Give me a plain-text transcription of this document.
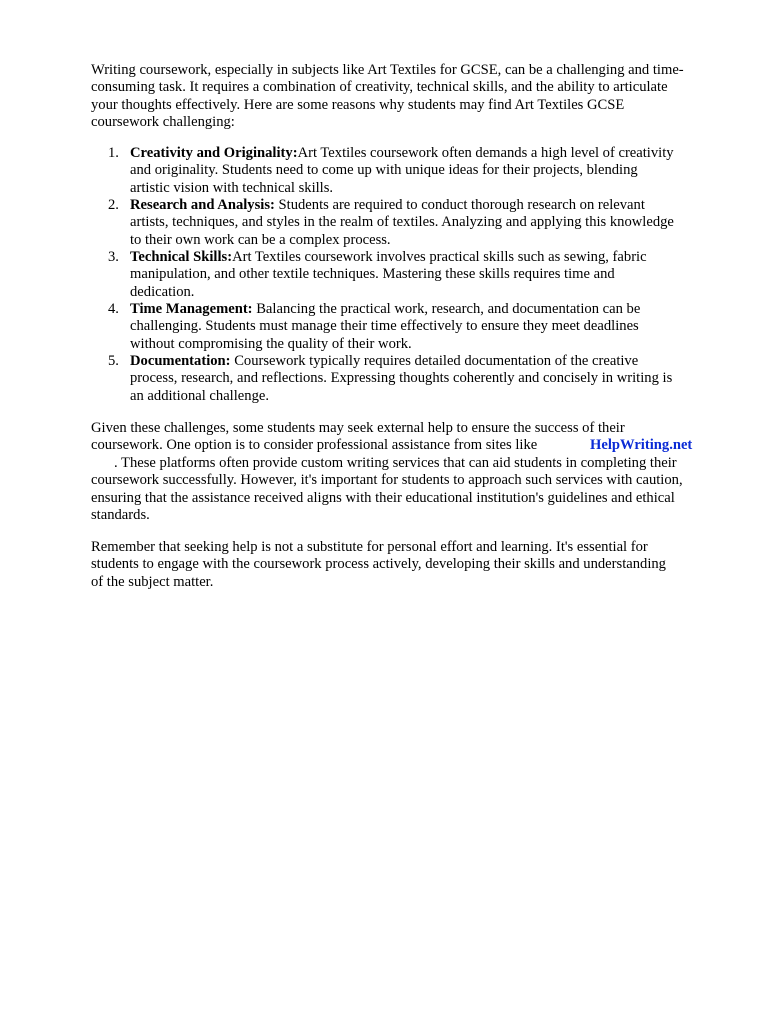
Writing coursework, especially in subjects like Art Textiles for GCSE, can be a challenging and time-
consuming task. It requires a combination of creativity, technical skills, and the ability to articulate
your thoughts effectively. Here are some reasons why students may find Art Textiles GCSE
coursework challenging:
1. Creativity and Originality:Art Textiles coursework often demands a high level of creativity
and originality. Students need to come up with unique ideas for their projects, blending
artistic vision with technical skills.
2. Research and Analysis: Students are required to conduct thorough research on relevant
artists, techniques, and styles in the realm of textiles. Analyzing and applying this knowledge
to their own work can be a complex process.
3. Technical Skills:Art Textiles coursework involves practical skills such as sewing, fabric
manipulation, and other textile techniques. Mastering these skills requires time and
dedication.
4. Time Management: Balancing the practical work, research, and documentation can be
challenging. Students must manage their time effectively to ensure they meet deadlines
without compromising the quality of their work.
5. Documentation: Coursework typically requires detailed documentation of the creative
process, research, and reflections. Expressing thoughts coherently and concisely in writing is
an additional challenge.
Given these challenges, some students may seek external help to ensure the success of their
coursework. One option is to consider professional assistance from sites like	HelpWriting.net
. These platforms often provide custom writing services that can aid students in completing their
coursework successfully. However, it's important for students to approach such services with caution,
ensuring that the assistance received aligns with their educational institution's guidelines and ethical
standards.
Remember that seeking help is not a substitute for personal effort and learning. It's essential for
students to engage with the coursework process actively, developing their skills and understanding
of the subject matter.
